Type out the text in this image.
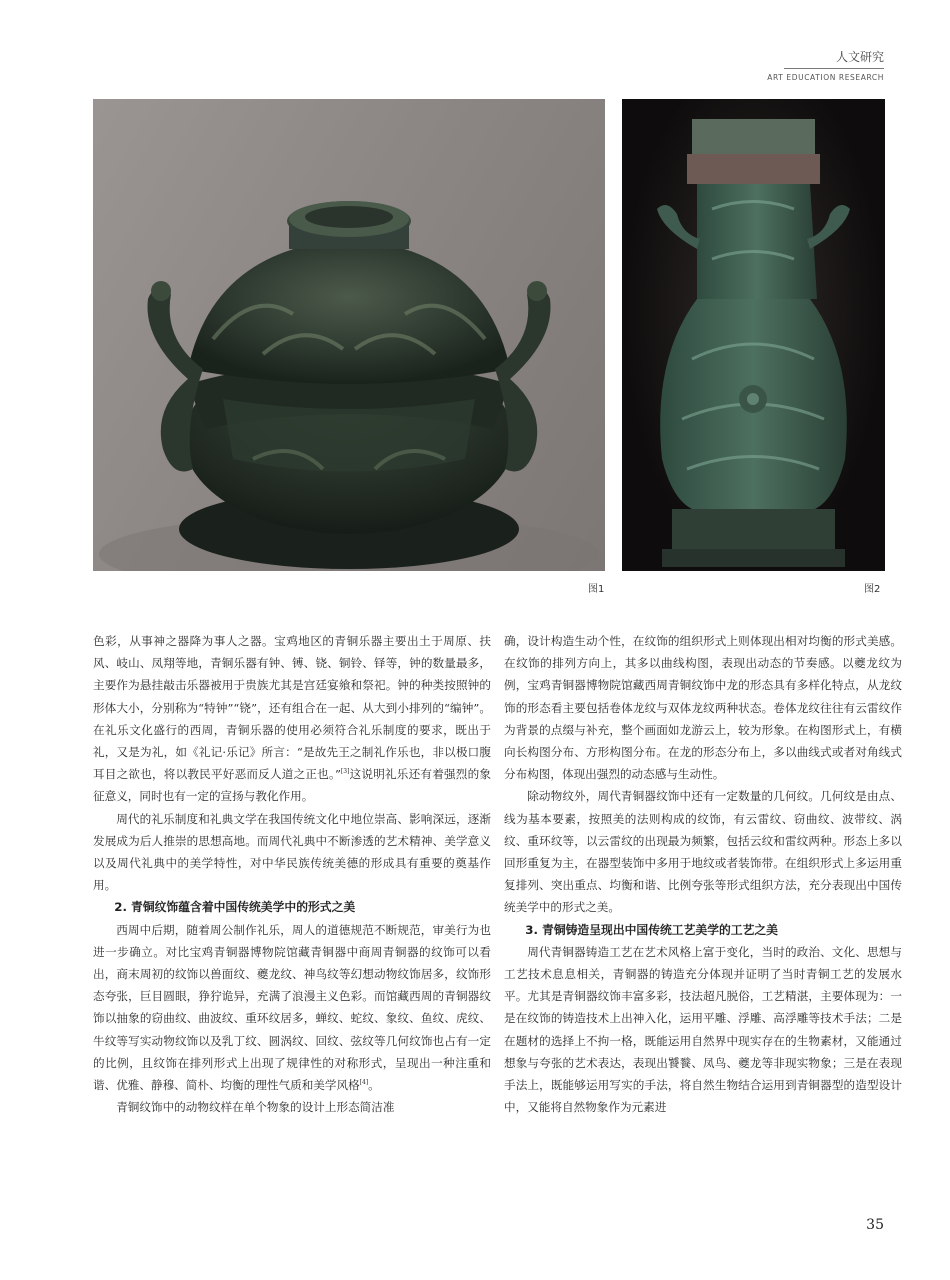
人文研究
ART EDUCATION RESEARCH
图1	图2

色彩，从事神之器降为事人之器。宝鸡地区的青铜乐器主要出土于周原、扶风、岐山、凤翔等地，青铜乐器有钟、镈、铙、铜铃、铎等，钟的数量最多，主要作为悬挂敲击乐器被用于贵族尤其是宫廷宴飨和祭祀。钟的种类按照钟的形体大小，分别称为“特钟”“铙”，还有组合在一起、从大到小排列的“编钟”。在礼乐文化盛行的西周，青铜乐器的使用必须符合礼乐制度的要求，既出于礼，又是为礼，如《礼记·乐记》所言：“是故先王之制礼作乐也，非以极口腹耳目之欲也，将以教民平好恶而反人道之正也。”[3]这说明礼乐还有着强烈的象征意义，同时也有一定的宣扬与教化作用。

周代的礼乐制度和礼典文学在我国传统文化中地位崇高、影响深远，逐渐发展成为后人推崇的思想高地。而周代礼典中不断渗透的艺术精神、美学意义以及周代礼典中的美学特性，对中华民族传统美德的形成具有重要的奠基作用。

2. 青铜纹饰蕴含着中国传统美学中的形式之美

西周中后期，随着周公制作礼乐，周人的道德规范不断规范，审美行为也进一步确立。对比宝鸡青铜器博物院馆藏青铜器中商周青铜器的纹饰可以看出，商末周初的纹饰以兽面纹、夔龙纹、神鸟纹等幻想动物纹饰居多，纹饰形态夸张，巨目圆眼，狰狞诡异，充满了浪漫主义色彩。而馆藏西周的青铜器纹饰以抽象的窃曲纹、曲波纹、重环纹居多，蝉纹、蛇纹、象纹、鱼纹、虎纹、牛纹等写实动物纹饰以及乳丁纹、圆涡纹、回纹、弦纹等几何纹饰也占有一定的比例，且纹饰在排列形式上出现了规律性的对称形式，呈现出一种注重和谐、优雅、静穆、简朴、均衡的理性气质和美学风格[4]。

青铜纹饰中的动物纹样在单个物象的设计上形态简洁准

确，设计构造生动个性，在纹饰的组织形式上则体现出相对均衡的形式美感。在纹饰的排列方向上，其多以曲线构图，表现出动态的节奏感。以夔龙纹为例，宝鸡青铜器博物院馆藏西周青铜纹饰中龙的形态具有多样化特点，从龙纹饰的形态看主要包括卷体龙纹与双体龙纹两种状态。卷体龙纹往往有云雷纹作为背景的点缀与补充，整个画面如龙游云上，较为形象。在构图形式上，有横向长构图分布、方形构图分布。在龙的形态分布上，多以曲线式或者对角线式分布构图，体现出强烈的动态感与生动性。

除动物纹外，周代青铜器纹饰中还有一定数量的几何纹。几何纹是由点、线为基本要素，按照美的法则构成的纹饰，有云雷纹、窃曲纹、波带纹、涡纹、重环纹等，以云雷纹的出现最为频繁，包括云纹和雷纹两种。形态上多以回形重复为主，在器型装饰中多用于地纹或者装饰带。在组织形式上多运用重复排列、突出重点、均衡和谐、比例夸张等形式组织方法，充分表现出中国传统美学中的形式之美。

3. 青铜铸造呈现出中国传统工艺美学的工艺之美

周代青铜器铸造工艺在艺术风格上富于变化，当时的政治、文化、思想与工艺技术息息相关，青铜器的铸造充分体现并证明了当时青铜工艺的发展水平。尤其是青铜器纹饰丰富多彩，技法超凡脱俗，工艺精湛，主要体现为：一是在纹饰的铸造技术上出神入化，运用平雕、浮雕、高浮雕等技术手法；二是在题材的选择上不拘一格，既能运用自然界中现实存在的生物素材，又能通过想象与夸张的艺术表达，表现出饕餮、凤鸟、夔龙等非现实物象；三是在表现手法上，既能够运用写实的手法，将自然生物结合运用到青铜器型的造型设计中，又能将自然物象作为元素进

35
